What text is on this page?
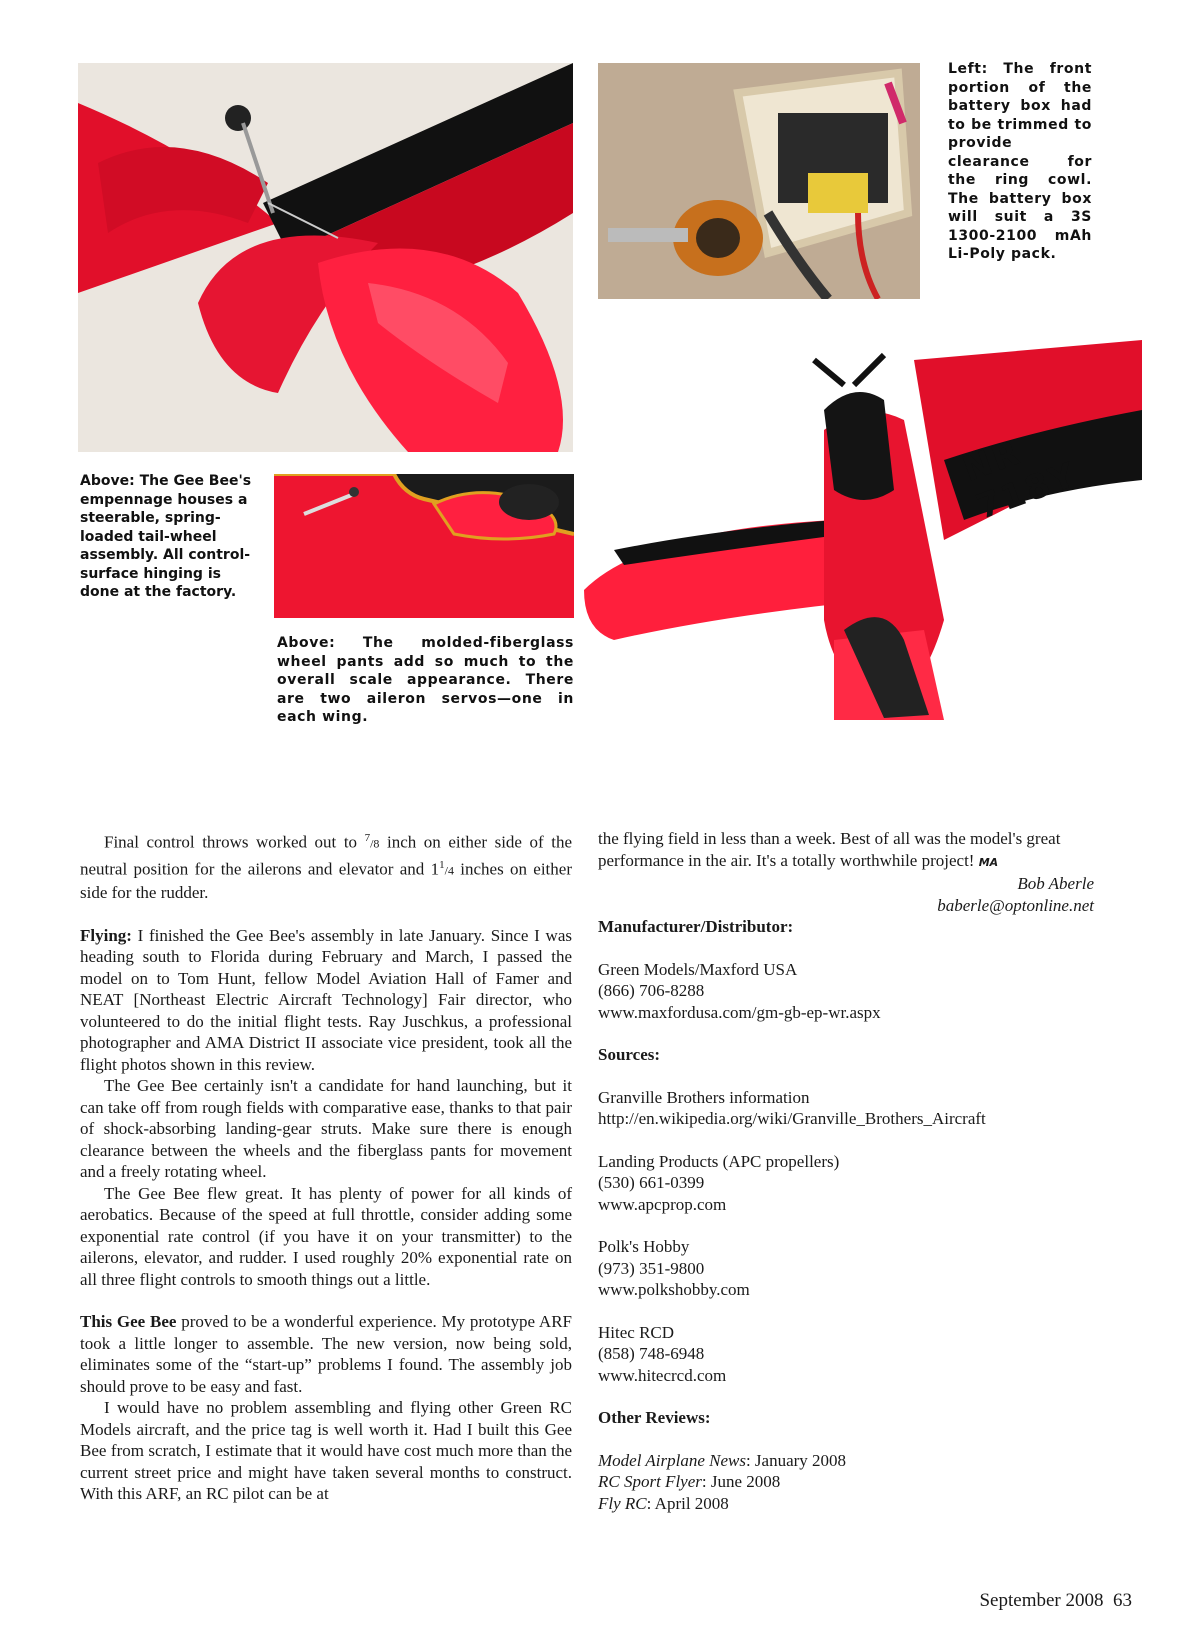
Left: The front portion of the battery box had to be trimmed to provide clearance for the ring cowl. The battery box will suit a 3S 1300-2100 mAh Li-Poly pack.
NR 718Y
Above: The Gee Bee's empennage houses a steerable, spring-loaded tail-wheel assembly. All control-surface hinging is done at the factory.
Above: The molded-fiberglass wheel pants add so much to the overall scale appearance. There are two aileron servos—one in each wing.

Final control throws worked out to $^7$/8 inch on either side of the neutral position for the ailerons and elevator and $1^1/4$ inches on either side for the rudder.

Flying: I finished the Gee Bee's assembly in late January. Since I was heading south to Florida during February and March, I passed the model on to Tom Hunt, fellow Model Aviation Hall of Famer and NEAT [Northeast Electric Aircraft Technology] Fair director, who volunteered to do the initial flight tests. Ray Juschkus, a professional photographer and AMA District II associate vice president, took all the flight photos shown in this review.

The Gee Bee certainly isn't a candidate for hand launching, but it can take off from rough fields with comparative ease, thanks to that pair of shock-absorbing landing-gear struts. Make sure there is enough clearance between the wheels and the fiberglass pants for movement and a freely rotating wheel.

The Gee Bee flew great. It has plenty of power for all kinds of aerobatics. Because of the speed at full throttle, consider adding some exponential rate control (if you have it on your transmitter) to the ailerons, elevator, and rudder. I used roughly 20% exponential rate on all three flight controls to smooth things out a little.

This Gee Bee proved to be a wonderful experience. My prototype ARF took a little longer to assemble. The new version, now being sold, eliminates some of the “start-up” problems I found. The assembly job should prove to be easy and fast.

I would have no problem assembling and flying other Green RC Models aircraft, and the price tag is well worth it. Had I built this Gee Bee from scratch, I estimate that it would have cost much more than the current street price and might have taken several months to construct. With this ARF, an RC pilot can be at

the flying field in less than a week. Best of all was the model's great performance in the air. It's a totally worthwhile project! MA

Bob Aberle

baberle@optonline.net

Manufacturer/Distributor:

Green Models/Maxford USA

(866) 706-8288

www.maxfordusa.com/gm-gb-ep-wr.aspx

Sources:

Granville Brothers information

http://en.wikipedia.org/wiki/Granville_Brothers_Aircraft

Landing Products (APC propellers)

(530) 661-0399

www.apcprop.com

Polk's Hobby

(973) 351-9800

www.polkshobby.com

Hitec RCD

(858) 748-6948

www.hitecrcd.com

Other Reviews:

Model Airplane News: January 2008

RC Sport Flyer: June 2008

Fly RC: April 2008

September 2008  63
